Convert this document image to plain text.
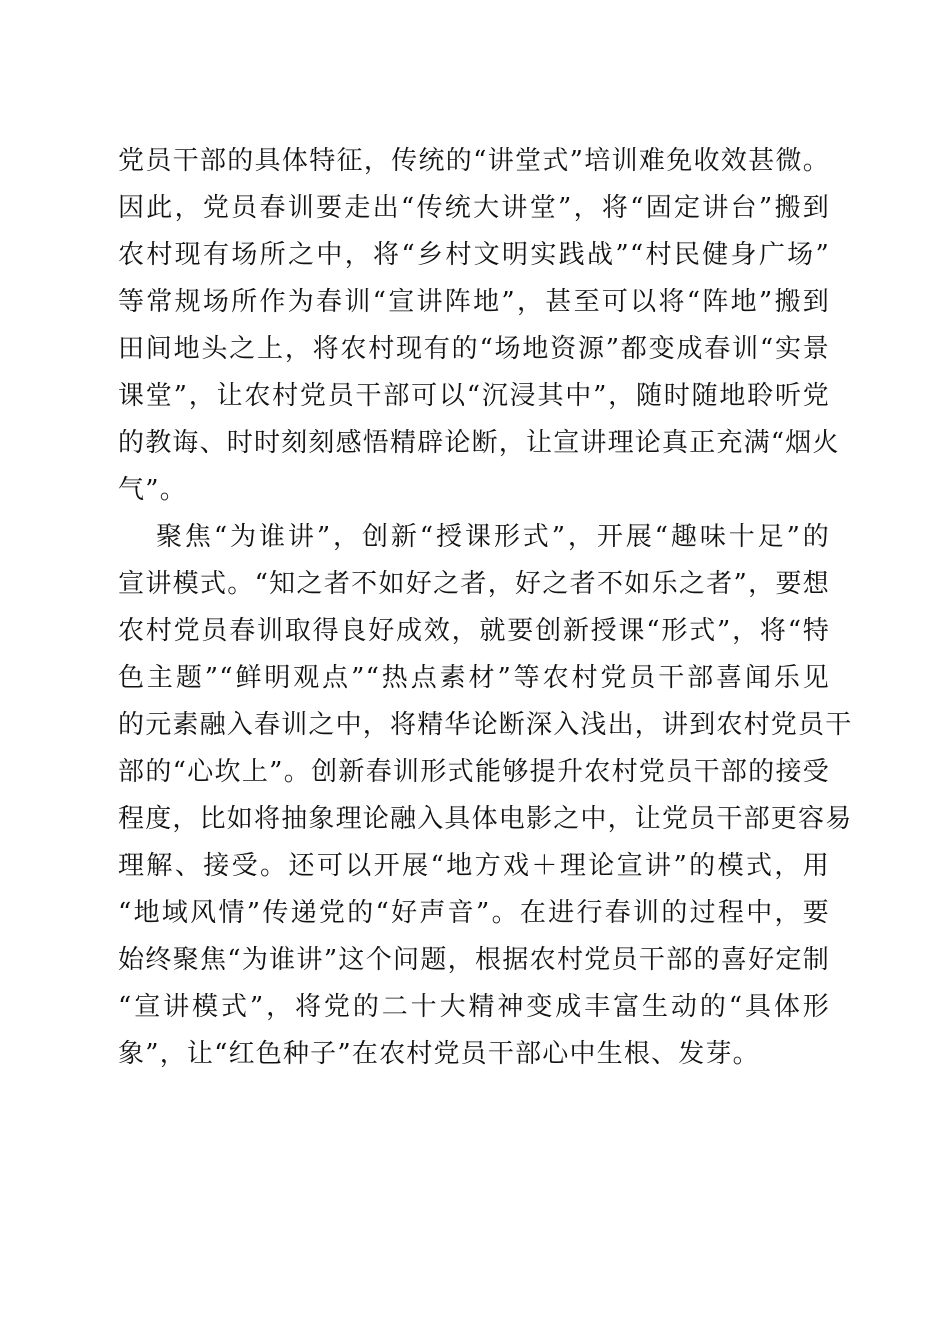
党员干部的具体特征，传统的“讲堂式”培训难免收效甚微。
因此，党员春训要走出“传统大讲堂”，将“固定讲台”搬到
农村现有场所之中，将“乡村文明实践战”“村民健身广场”
等常规场所作为春训“宣讲阵地”，甚至可以将“阵地”搬到
田间地头之上，将农村现有的“场地资源”都变成春训“实景
课堂”，让农村党员干部可以“沉浸其中”，随时随地聆听党
的教诲、时时刻刻感悟精辟论断，让宣讲理论真正充满“烟火
气”。
聚焦“为谁讲”，创新“授课形式”，开展“趣味十足”的
宣讲模式。“知之者不如好之者，好之者不如乐之者”，要想
农村党员春训取得良好成效，就要创新授课“形式”，将“特
色主题”“鲜明观点”“热点素材”等农村党员干部喜闻乐见
的元素融入春训之中，将精华论断深入浅出，讲到农村党员干
部的“心坎上”。创新春训形式能够提升农村党员干部的接受
程度，比如将抽象理论融入具体电影之中，让党员干部更容易
理解、接受。还可以开展“地方戏＋理论宣讲”的模式，用
“地域风情”传递党的“好声音”。在进行春训的过程中，要
始终聚焦“为谁讲”这个问题，根据农村党员干部的喜好定制
“宣讲模式”，将党的二十大精神变成丰富生动的“具体形
象”，让“红色种子”在农村党员干部心中生根、发芽。
